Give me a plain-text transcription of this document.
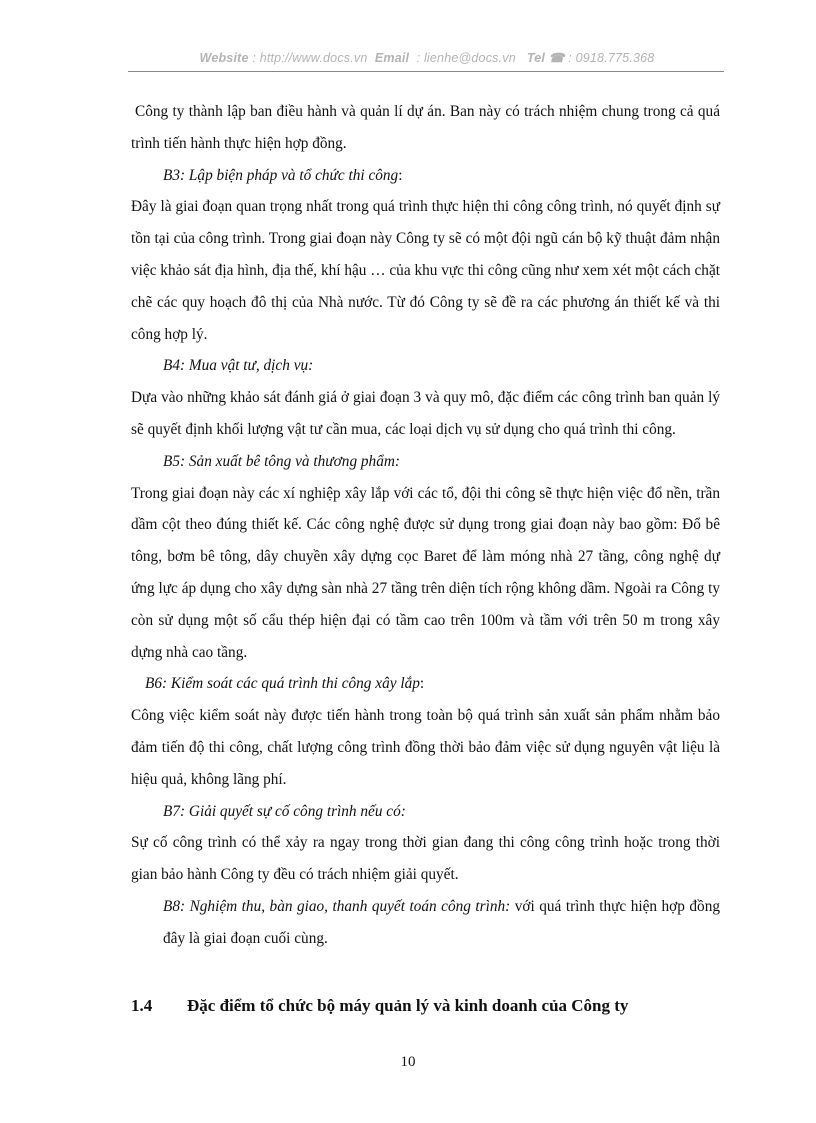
Website : http://www.docs.vn Email : lienhe@docs.vn Tel ☎ : 0918.775.368

Công ty thành lập ban điều hành và quản lí dự án. Ban này có trách nhiệm chung trong cả quá trình tiến hành thực hiện hợp đồng.

B3: Lập biện pháp và tổ chức thi công:

Đây là giai đoạn quan trọng nhất trong quá trình thực hiện thi công công trình, nó quyết định sự tồn tại của công trình. Trong giai đoạn này Công ty sẽ có một đội ngũ cán bộ kỹ thuật đảm nhận việc khảo sát địa hình, địa thế, khí hậu … của khu vực thi công cũng như xem xét một cách chặt chẽ các quy hoạch đô thị của Nhà nước. Từ đó Công ty sẽ đề ra các phương án thiết kế và thi công hợp lý.

B4: Mua vật tư, dịch vụ:

Dựa vào những khảo sát đánh giá ở giai đoạn 3 và quy mô, đặc điểm các công trình ban quản lý sẽ quyết định khối lượng vật tư cần mua, các loại dịch vụ sử dụng cho quá trình thi công.

B5: Sản xuất bê tông và thương phẩm:

Trong giai đoạn này các xí nghiệp xây lắp với các tổ, đội thi công sẽ thực hiện việc đổ nền, trần dầm cột theo đúng thiết kế. Các công nghệ được sử dụng trong giai đoạn này bao gồm: Đổ bê tông, bơm bê tông, dây chuyền xây dựng cọc Baret để làm móng nhà 27 tầng, công nghệ dự ứng lực áp dụng cho xây dựng sàn nhà 27 tầng trên diện tích rộng không dầm. Ngoài ra Công ty còn sử dụng một số cẩu thép hiện đại có tầm cao trên 100m và tầm với trên 50 m trong xây dựng nhà cao tầng.

B6: Kiểm soát các quá trình thi công xây lắp:

Công việc kiểm soát này được tiến hành trong toàn bộ quá trình sản xuất sản phẩm nhằm bảo đảm tiến độ thi công, chất lượng công trình đồng thời bảo đảm việc sử dụng nguyên vật liệu là hiệu quả, không lãng phí.

B7: Giải quyết sự cố công trình nếu có:

Sự cố công trình có thể xảy ra ngay trong thời gian đang thi công công trình hoặc trong thời gian bảo hành Công ty đều có trách nhiệm giải quyết.

B8: Nghiệm thu, bàn giao, thanh quyết toán công trình: với quá trình thực hiện hợp đồng đây là giai đoạn cuối cùng.

1.4 Đặc điểm tổ chức bộ máy quản lý và kinh doanh của Công ty
10
